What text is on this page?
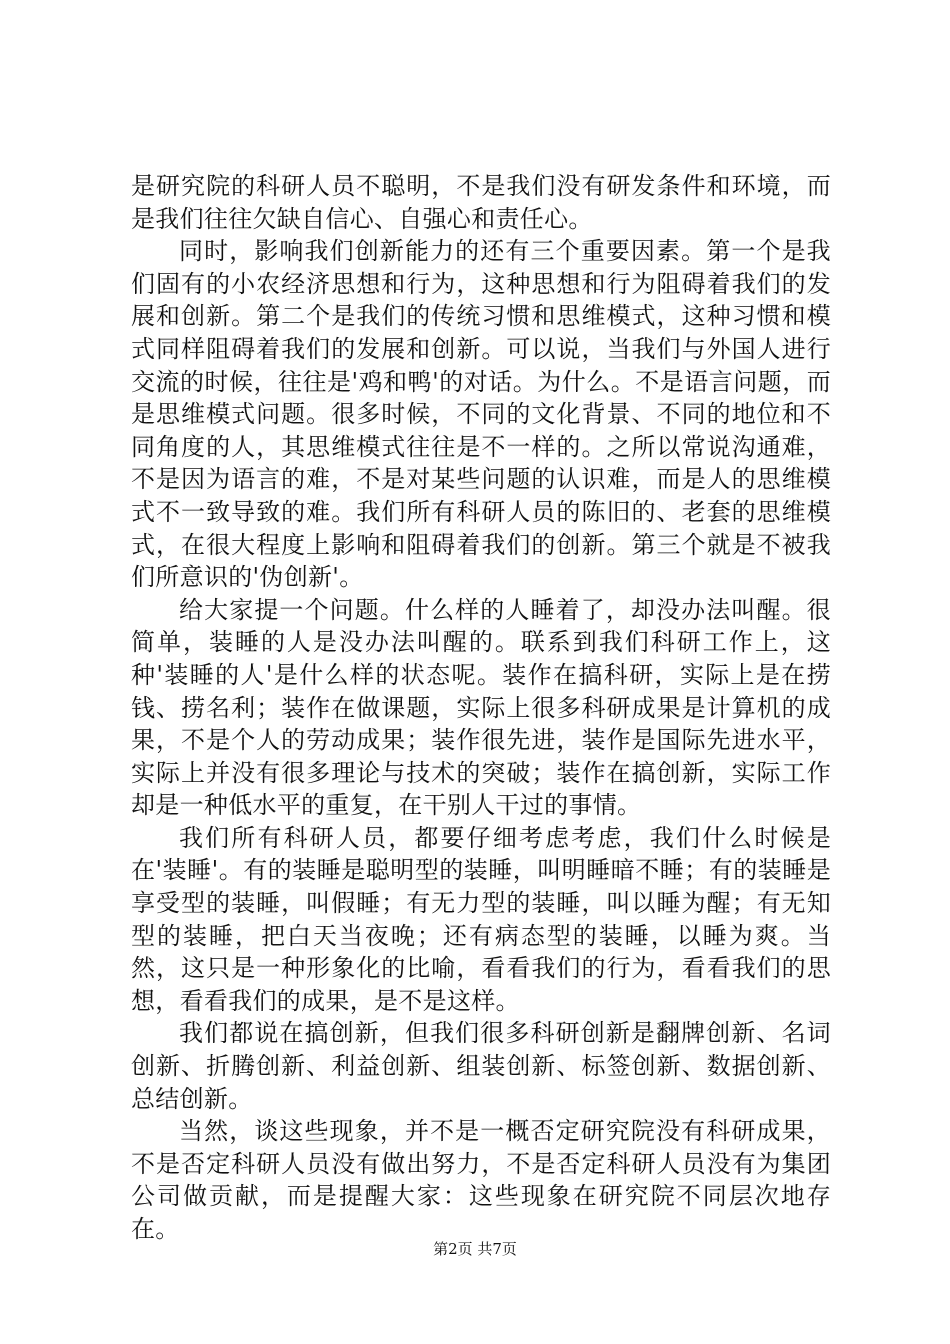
是研究院的科研人员不聪明，不是我们没有研发条件和环境，而是我们往往欠缺自信心、自强心和责任心。

同时，影响我们创新能力的还有三个重要因素。第一个是我们固有的小农经济思想和行为，这种思想和行为阻碍着我们的发展和创新。第二个是我们的传统习惯和思维模式，这种习惯和模式同样阻碍着我们的发展和创新。可以说，当我们与外国人进行交流的时候，往往是'鸡和鸭'的对话。为什么。不是语言问题，而是思维模式问题。很多时候，不同的文化背景、不同的地位和不同角度的人，其思维模式往往是不一样的。之所以常说沟通难，不是因为语言的难，不是对某些问题的认识难，而是人的思维模式不一致导致的难。我们所有科研人员的陈旧的、老套的思维模式，在很大程度上影响和阻碍着我们的创新。第三个就是不被我们所意识的'伪创新'。

给大家提一个问题。什么样的人睡着了，却没办法叫醒。很简单，装睡的人是没办法叫醒的。联系到我们科研工作上，这种'装睡的人'是什么样的状态呢。装作在搞科研，实际上是在捞钱、捞名利；装作在做课题，实际上很多科研成果是计算机的成果，不是个人的劳动成果；装作很先进，装作是国际先进水平，实际上并没有很多理论与技术的突破；装作在搞创新，实际工作却是一种低水平的重复，在干别人干过的事情。

我们所有科研人员，都要仔细考虑考虑，我们什么时候是在'装睡'。有的装睡是聪明型的装睡，叫明睡暗不睡；有的装睡是享受型的装睡，叫假睡；有无力型的装睡，叫以睡为醒；有无知型的装睡，把白天当夜晚；还有病态型的装睡，以睡为爽。当然，这只是一种形象化的比喻，看看我们的行为，看看我们的思想，看看我们的成果，是不是这样。

我们都说在搞创新，但我们很多科研创新是翻牌创新、名词创新、折腾创新、利益创新、组装创新、标签创新、数据创新、总结创新。

当然，谈这些现象，并不是一概否定研究院没有科研成果，不是否定科研人员没有做出努力，不是否定科研人员没有为集团公司做贡献，而是提醒大家：这些现象在研究院不同层次地存在。

第2页 共7页
